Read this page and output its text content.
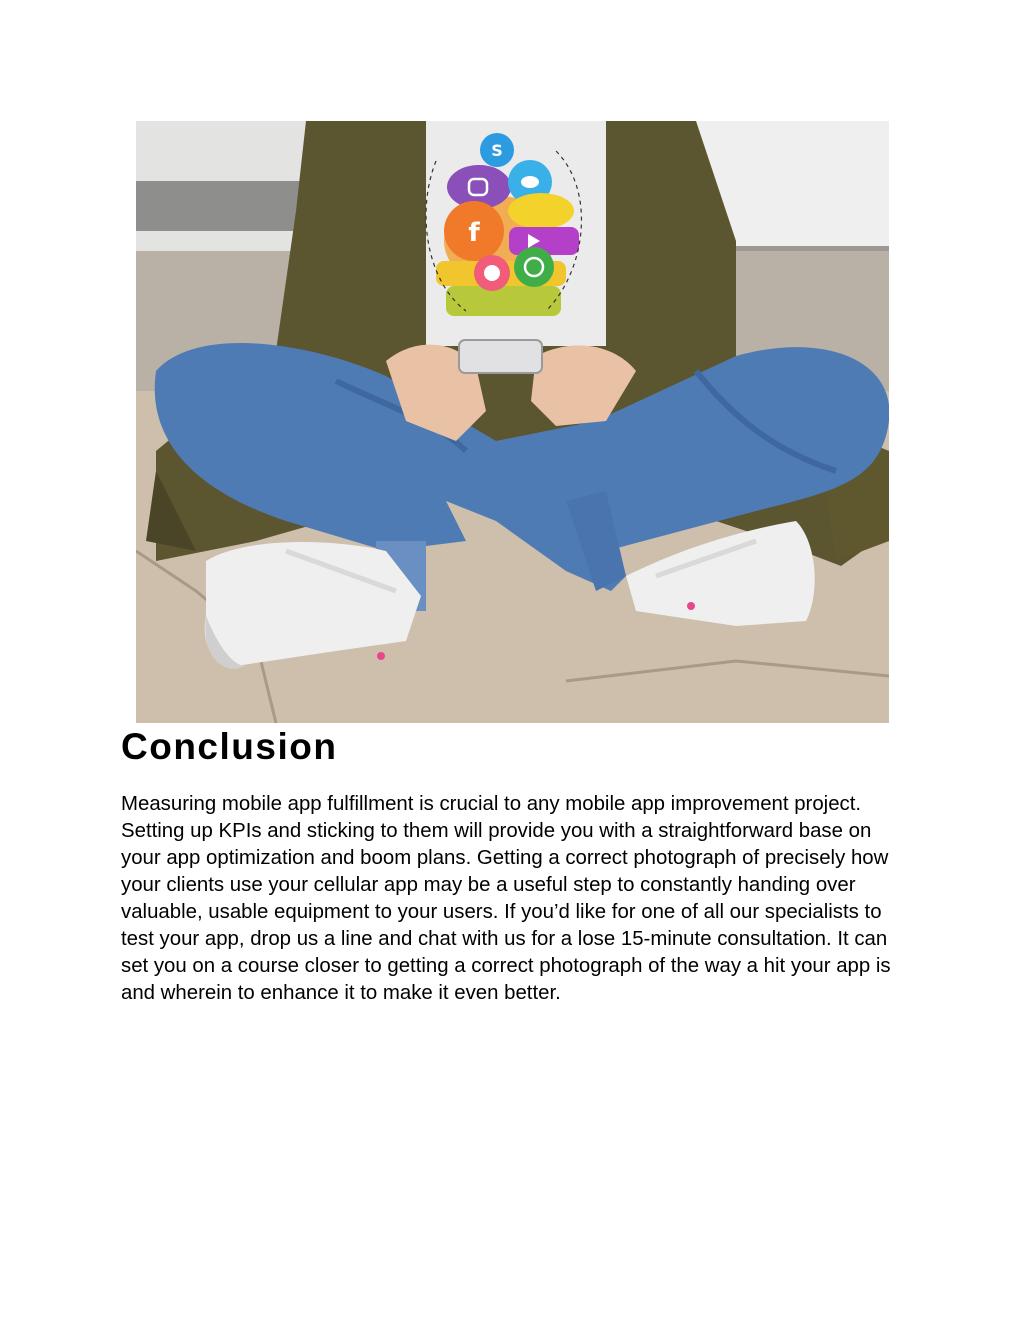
S
f
Conclusion

Measuring mobile app fulfillment is crucial to any mobile app improvement project. Setting up KPIs and sticking to them will provide you with a straightforward base on your app optimization and boom plans. Getting a correct photograph of precisely how your clients use your cellular app may be a useful step to constantly handing over valuable, usable equipment to your users. If you’d like for one of all our specialists to test your app, drop us a line and chat with us for a lose 15-minute consultation. It can set you on a course closer to getting a correct photograph of the way a hit your app is and wherein to enhance it to make it even better.
